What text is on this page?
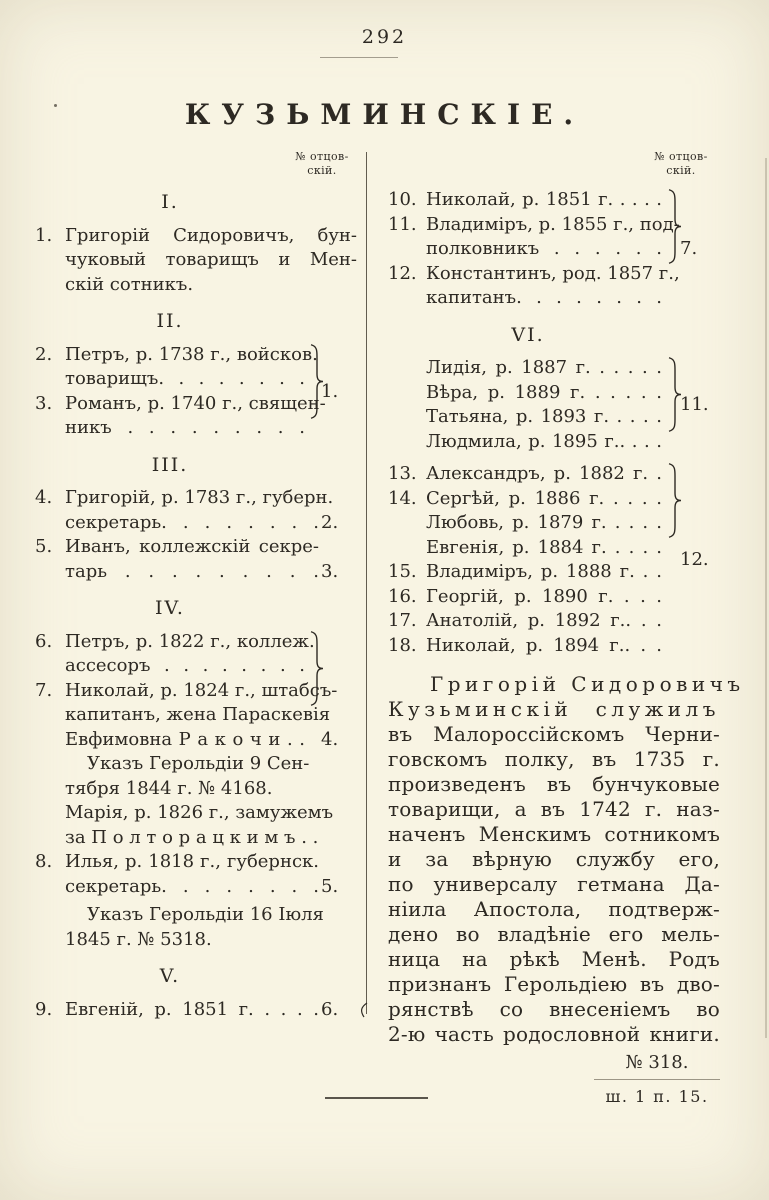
292
КУЗЬМИНСКІЕ.
№ отцов-
скій.
I.
1. Григорій Сидоровичъ, бун-
чуковый товарищъ и Мен-
скій сотникъ.
II.
2. Петръ, р. 1738 г., войсков.
товарищъ. . . . . . . .
3. Романъ, р. 1740 г., священ-
никъ . . . . . . . . .
1.
III.
4. Григорій, р. 1783 г., губерн.
секретарь. . . . . . . . 2.
5. Иванъ, коллежскій секре-
тарь . . . . . . . . . 3.
IV.
6. Петръ, р. 1822 г., коллеж.
ассесоръ . . . . . . . .
7. Николай, р. 1824 г., штабсъ-
капитанъ, жена Параскевія
Евфимовна Р а к о ч и . .
Указъ Герольдіи 9 Сен-
тября 1844 г. № 4168.
Марія, р. 1826 г., замужемъ
за П о л т о р а ц к и м ъ . .
4.
8. Илья, р. 1818 г., губернск.
секретарь. . . . . . . . 5.
Указъ Герольдіи 16 Іюля
1845 г. № 5318.
V.
9. Евгеній, р. 1851 г. . . . . 6.
№ отцов-
скій.
10. Николай, р. 1851 г. . . . .
11. Владиміръ, р. 1855 г., под-
полковникъ . . . . . .
12. Константинъ, род. 1857 г.,
капитанъ. . . . . . . .
7.
VI.
Лидія, р. 1887 г. . . . . .
Вѣра, р. 1889 г. . . . . .
Татьяна, р. 1893 г. . . . .
Людмила, р. 1895 г.. . . .
11.
13. Александръ, р. 1882 г. .
14. Сергѣй, р. 1886 г. . . . .
Любовь, р. 1879 г. . . . .
Евгенія, р. 1884 г. . . . .
15. Владиміръ, р. 1888 г. . .
16. Георгій, р. 1890 г. . . .
17. Анатолій, р. 1892 г.. . .
18. Николай, р. 1894 г.. . .
12.
Григорій Сидоровичъ
Кузьминскій служилъ
въ Малороссійскомъ Черни-
говскомъ полку, въ 1735 г.
произведенъ въ бунчуковые
товарищи, а въ 1742 г. наз-
наченъ Менскимъ сотникомъ
и за вѣрную службу его,
по универсалу гетмана Да-
ніила Апостола, подтверж-
дено во владѣніе его мель-
ница на рѣкѣ Менѣ. Родъ
признанъ Герольдіею въ дво-
рянствѣ со внесеніемъ во
2-ю часть родословной книги.
№ 318.
ш. 1 п. 15.
